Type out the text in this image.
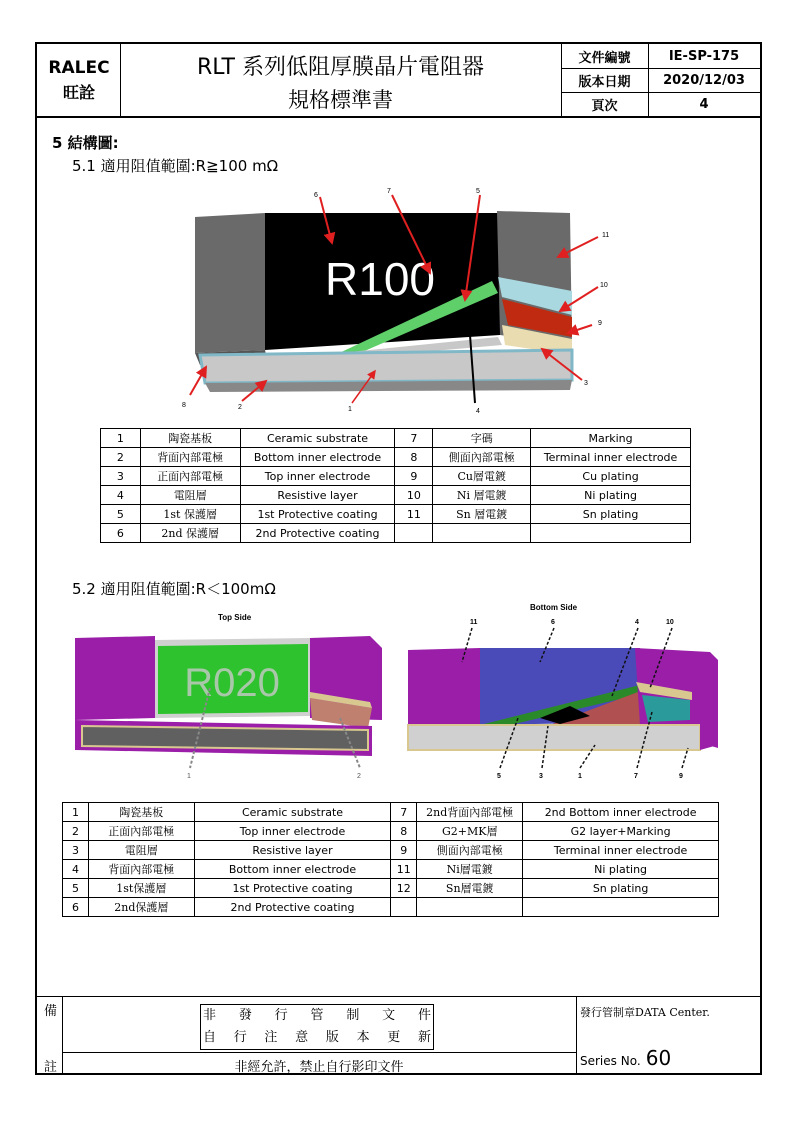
RALEC
旺詮
RLT 系列低阻厚膜晶片電阻器
規格標準書
文件編號	IE-SP-175
版本日期	2020/12/03
頁次	4
5 結構圖:
5.1 適用阻值範圍:R≧100 mΩ
R100
6
7	5
11
10
9
3
8	2	1	4
1	陶瓷基板	Ceramic substrate	7	字碼	Marking
2	背面內部電極	Bottom inner electrode	8	側面內部電極	Terminal inner electrode
3	正面內部電極	Top inner electrode	9	Cu層電鍍	Cu plating
4	電阻層	Resistive layer	10	Ni 層電鍍	Ni plating
5	1st 保護層	1st Protective coating	11	Sn 層電鍍	Sn plating
6	2nd 保護層	2nd Protective coating			
5.2 適用阻值範圍:R＜100mΩ
Top Side
R020
1	2
Bottom Side
11	6	4	10
5	3	1	7	9
1	陶瓷基板	Ceramic substrate	7	2nd背面內部電極	2nd Bottom inner electrode
2	正面內部電極	Top inner electrode	8	G2+MK層	G2 layer+Marking
3	電阻層	Resistive layer	9	側面內部電極	Terminal inner electrode
4	背面內部電極	Bottom inner electrode	11	Ni層電鍍	Ni plating
5	1st保護層	1st Protective coating	12	Sn層電鍍	Sn plating
6	2nd保護層	2nd Protective coating			
備
註
非 發 行 管 制 文 件
自 行 注 意 版 本 更 新
非經允許，禁止自行影印文件
發行管制章DATA Center.
Series No. 60
